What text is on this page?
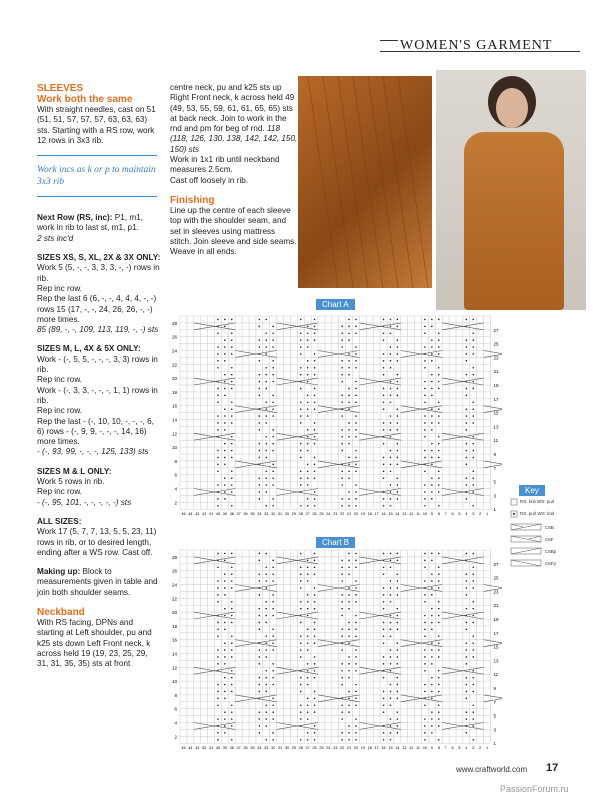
WOMEN'S GARMENT
SLEEVES
Work both the same

With straight needles, cast on 51 (51, 51, 57, 57, 57, 63, 63, 63) sts. Starting with a RS row, work 12 rows in 3x3 rib.

Work incs as k or p to maintain 3x3 rib

Next Row (RS, inc): P1, m1, work in rib to last st, m1, p1.
2 sts inc'd

SIZES XS, S, XL, 2X & 3X ONLY:
Work 5 (5, -, -, 3, 3, 3, -, -) rows in rib.
Rep inc row.
Rep the last 6 (6, -, -, 4, 4, 4, -, -) rows 15 (17, -, -, 24, 26, 26, -, -) more times.

85 (89, -, -, 109, 113, 119, -, -) sts

SIZES M, L, 4X & 5X ONLY:
Work - (-, 5, 5, -, -, -, 3, 3) rows in rib.
Rep inc row.
Work - (-, 3, 3, -, -, -, 1, 1) rows in rib.
Rep inc row.
Rep the last - (-, 10, 10, -, -, -, 6, 6) rows - (-, 9, 9, -, -, -, 14, 16) more times.

- (-, 93, 99, -, -, -, 125, 133) sts

SIZES M & L ONLY:
Work 5 rows in rib.
Rep inc row.

- (-, 95, 101, -, -, -, -, -) sts

ALL SIZES:

Work 17 (5, 7, 7, 13, 5, 5, 23, 11) rows in rib, or to desired length, ending after a WS row. Cast off.

Making up: Block to measurements given in table and join both shoulder seams.

Neckband
With RS facing, DPNs and starting at Left shoulder, pu and k25 sts down Left Front neck, k across held 19 (19, 23, 25, 29, 31, 31, 35, 35) sts at front
centre neck, pu and k25 sts up Right Front neck, k across held 49 (49, 53, 55, 59, 61, 61, 65, 65) sts at back neck. Join to work in the rnd and pm for beg of rnd. 118 (118, 126, 130, 138, 142, 142, 150, 150) sts
Work in 1x1 rib until neckband measures 2.5cm.

Cast off loosely in rib.

Finishing
Line up the centre of each sleeve top with the shoulder seam, and set in sleeves using mattress stitch. Join sleeve and side seams. Weave in all ends.
Chart A
28
26
24
22
20
18
16
14
12
10
8
6
4
2
27
25
23
21
19
17
15
13
11
9
7
5
3
1
45 44 43 42 41 40 39 38 37 36 35 34 33 32 31 30 29 28 27 26 25 24 23 22 21 20 19 18 17 16 15 14 13 12 11 10 9 8 7 6 5 4 3 2 1
Chart B
28
26
24
22
20
18
16
14
12
10
8
6
4
2
27
25
23
21
19
17
15
13
11
9
7
5
3
1
45 44 43 42 41 40 39 38 37 36 35 34 33 32 31 30 29 28 27 26 25 24 23 22 21 20 19 18 17 16 15 14 13 12 11 10 9 8 7 6 5 4 3 2 1
Key
RS: knit WS: purl
RS: purl WS: knit
C6B
C6F
C6Bp
C6Fp
www.craftworld.com 17
PassionForum.ru
